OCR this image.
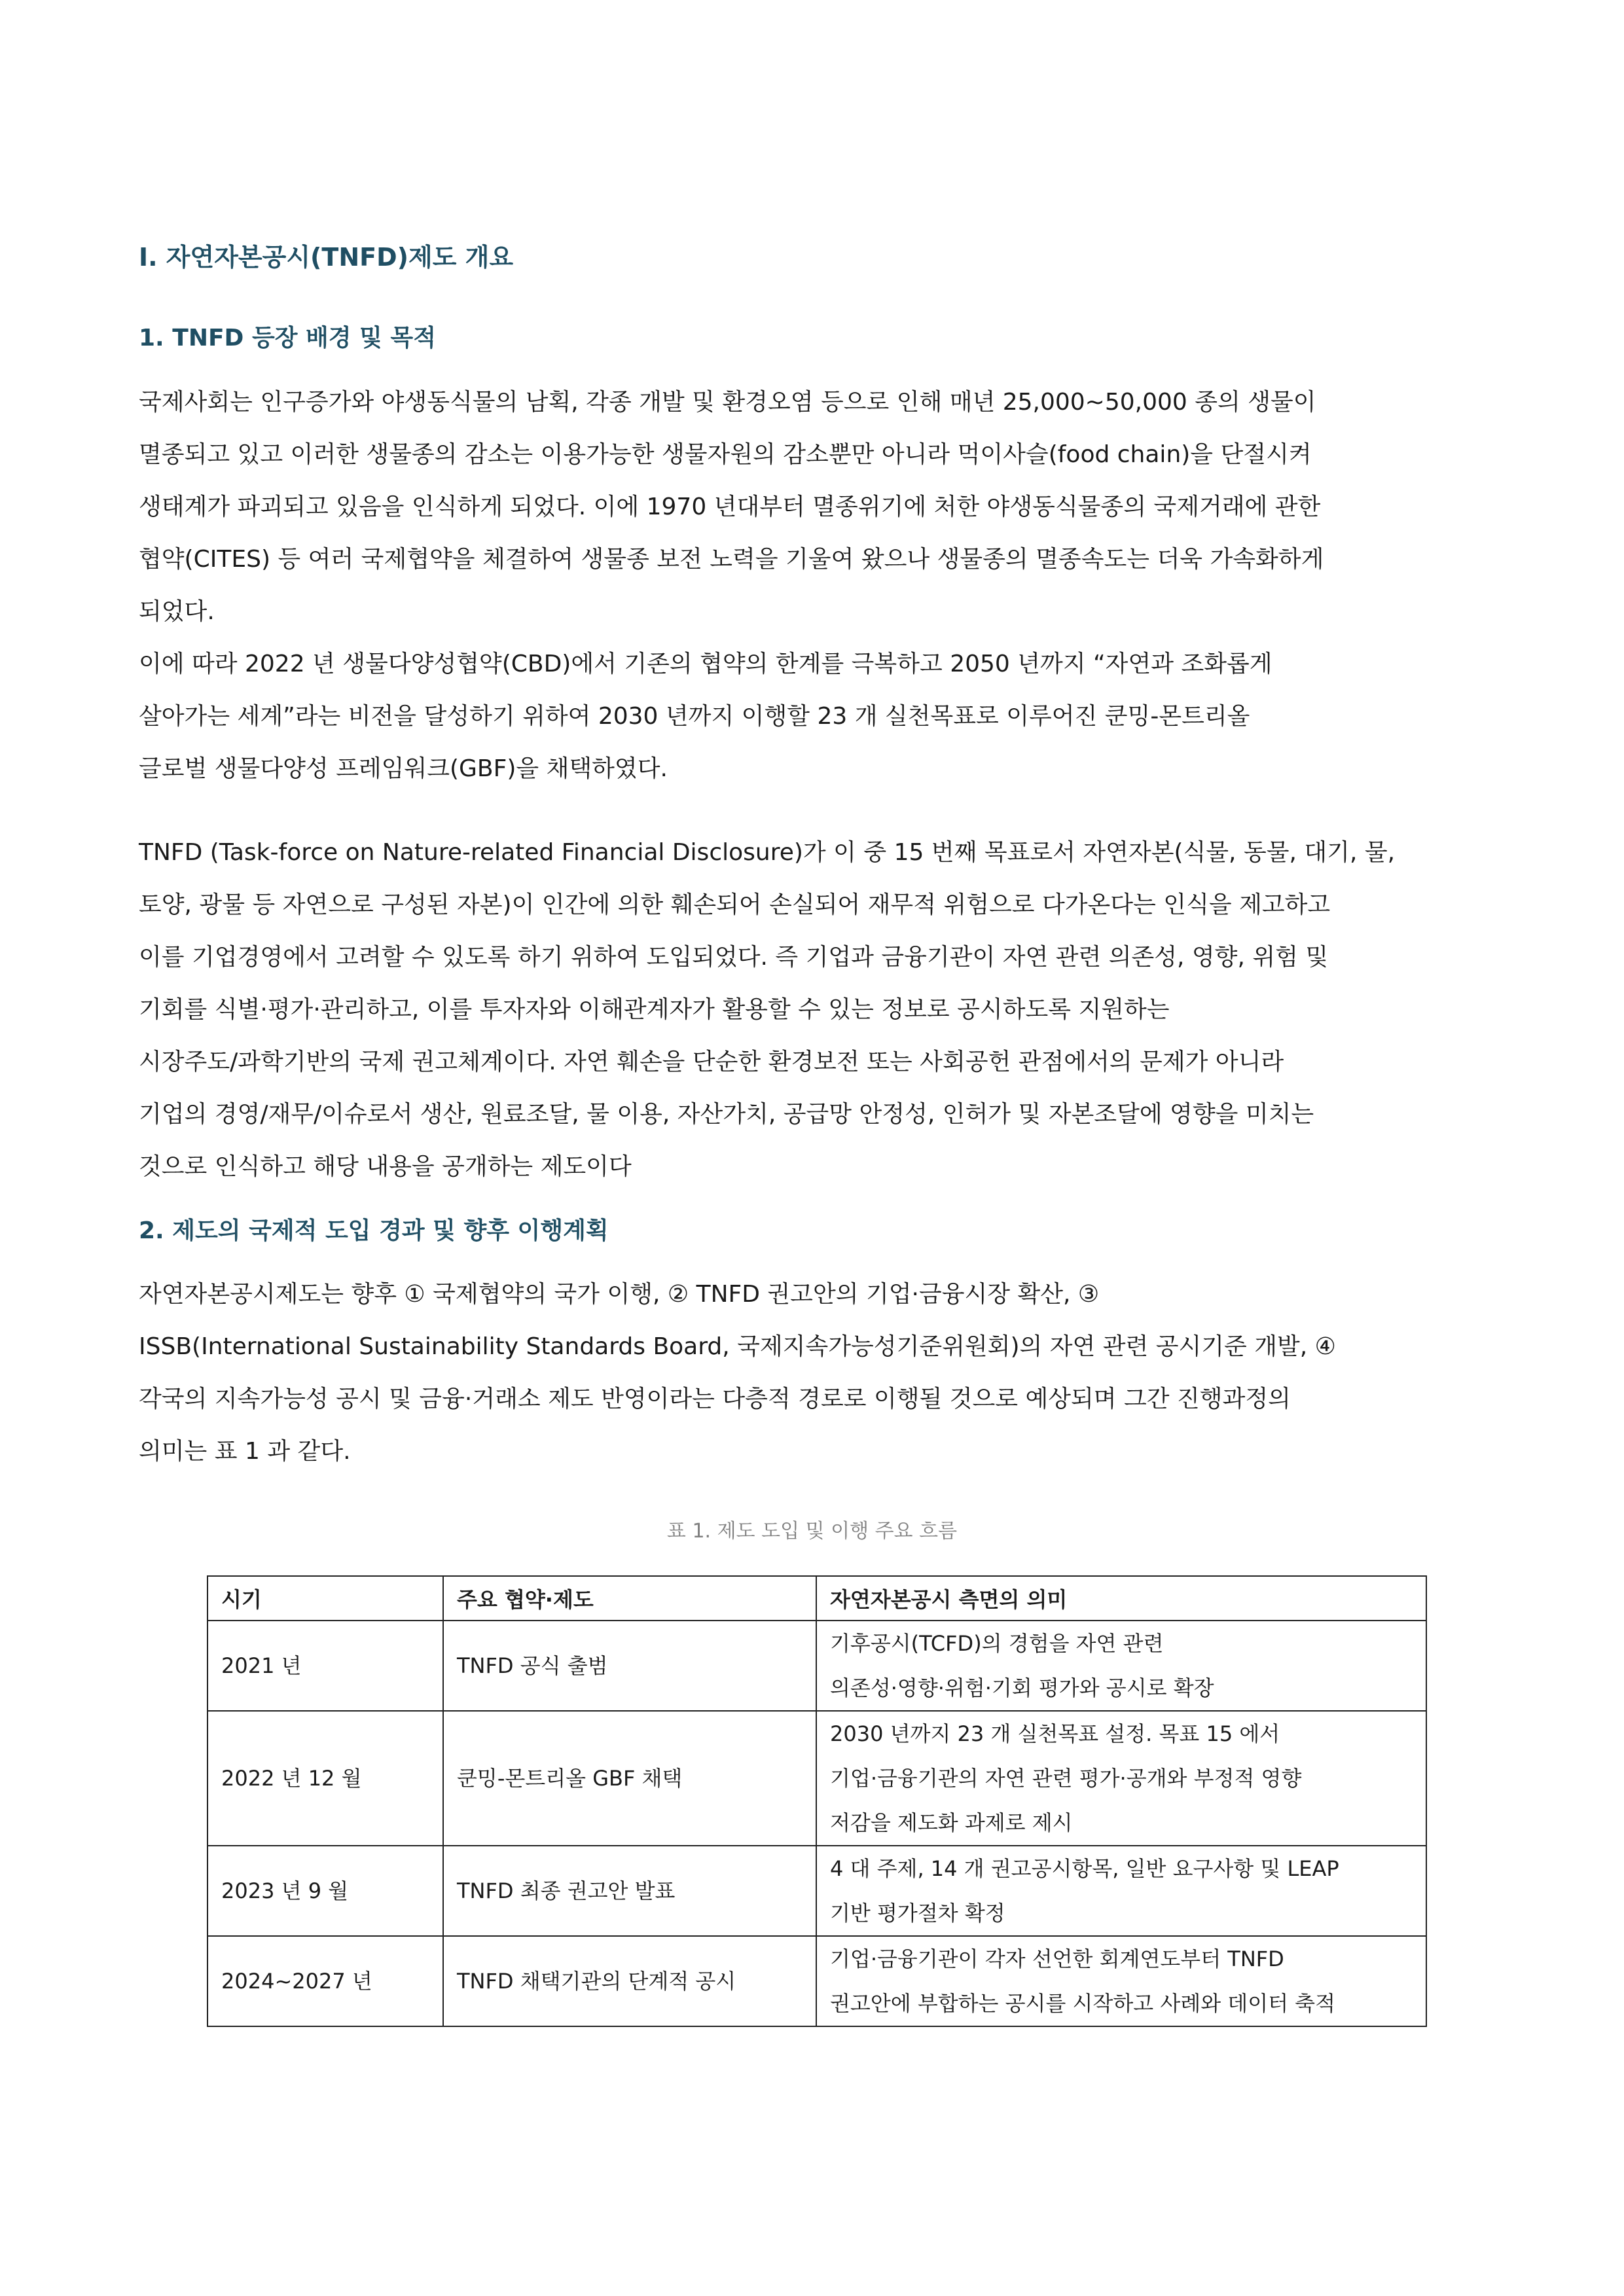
Ⅰ. 자연자본공시(TNFD)제도 개요
1. TNFD 등장 배경 및 목적
국제사회는 인구증가와 야생동식물의 남획, 각종 개발 및 환경오염 등으로 인해 매년 25,000~50,000 종의 생물이
멸종되고 있고 이러한 생물종의 감소는 이용가능한 생물자원의 감소뿐만 아니라 먹이사슬(food chain)을 단절시켜
생태계가 파괴되고 있음을 인식하게 되었다. 이에 1970 년대부터 멸종위기에 처한 야생동식물종의 국제거래에 관한
협약(CITES) 등 여러 국제협약을 체결하여 생물종 보전 노력을 기울여 왔으나 생물종의 멸종속도는 더욱 가속화하게
되었다.
이에 따라 2022 년 생물다양성협약(CBD)에서 기존의 협약의 한계를 극복하고 2050 년까지 “자연과 조화롭게
살아가는 세계”라는 비전을 달성하기 위하여 2030 년까지 이행할 23 개 실천목표로 이루어진 쿤밍-몬트리올
글로벌 생물다양성 프레임워크(GBF)을 채택하였다.
TNFD (Task-force on Nature-related Financial Disclosure)가 이 중 15 번째 목표로서 자연자본(식물, 동물, 대기, 물,
토양, 광물 등 자연으로 구성된 자본)이 인간에 의한 훼손되어 손실되어 재무적 위험으로 다가온다는 인식을 제고하고
이를 기업경영에서 고려할 수 있도록 하기 위하여 도입되었다. 즉 기업과 금융기관이 자연 관련 의존성, 영향, 위험 및
기회를 식별·평가·관리하고, 이를 투자자와 이해관계자가 활용할 수 있는 정보로 공시하도록 지원하는
시장주도/과학기반의 국제 권고체계이다. 자연 훼손을 단순한 환경보전 또는 사회공헌 관점에서의 문제가 아니라
기업의 경영/재무/이슈로서 생산, 원료조달, 물 이용, 자산가치, 공급망 안정성, 인허가 및 자본조달에 영향을 미치는
것으로 인식하고 해당 내용을 공개하는 제도이다
2. 제도의 국제적 도입 경과 및 향후 이행계획
자연자본공시제도는 향후 ① 국제협약의 국가 이행, ② TNFD 권고안의 기업·금융시장 확산, ③
ISSB(International Sustainability Standards Board, 국제지속가능성기준위원회)의 자연 관련 공시기준 개발, ④
각국의 지속가능성 공시 및 금융·거래소 제도 반영이라는 다층적 경로로 이행될 것으로 예상되며 그간 진행과정의
의미는 표 1 과 같다.

표 1. 제도 도입 및 이행 주요 흐름

시기	주요 협약·제도	자연자본공시 측면의 의미

2021 년	TNFD 공식 출범	기후공시(TCFD)의 경험을 자연 관련
의존성·영향·위험·기회 평가와 공시로 확장

2022 년 12 월	쿤밍-몬트리올 GBF 채택	2030 년까지 23 개 실천목표 설정. 목표 15 에서
기업·금융기관의 자연 관련 평가·공개와 부정적 영향
저감을 제도화 과제로 제시

2023 년 9 월	TNFD 최종 권고안 발표	4 대 주제, 14 개 권고공시항목, 일반 요구사항 및 LEAP
기반 평가절차 확정

2024~2027 년	TNFD 채택기관의 단계적 공시	기업·금융기관이 각자 선언한 회계연도부터 TNFD
권고안에 부합하는 공시를 시작하고 사례와 데이터 축적
